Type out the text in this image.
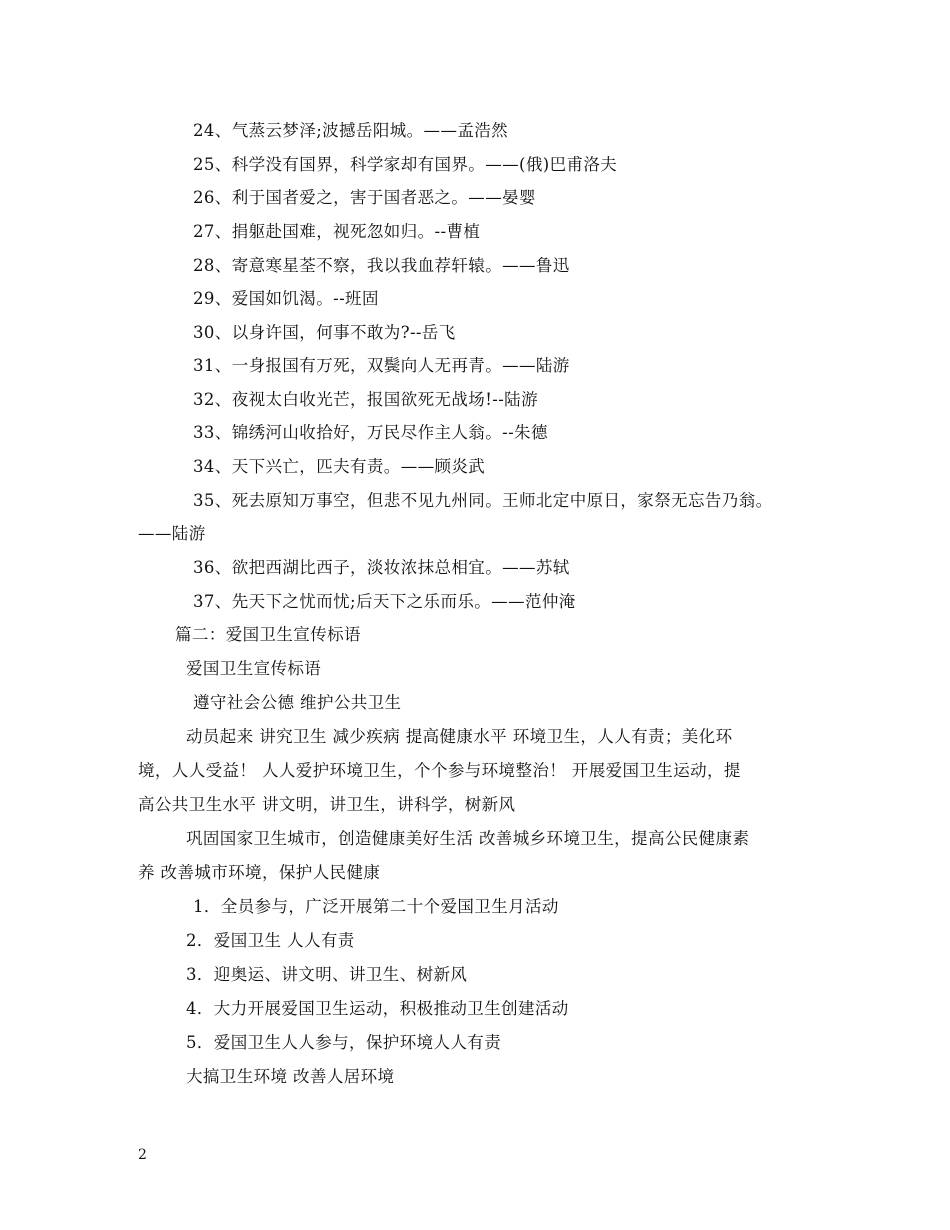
24、气蒸云梦泽;波撼岳阳城。——孟浩然
25、科学没有国界，科学家却有国界。——(俄)巴甫洛夫
26、利于国者爱之，害于国者恶之。——晏婴
27、捐躯赴国难，视死忽如归。--曹植
28、寄意寒星荃不察，我以我血荐轩辕。——鲁迅
29、爱国如饥渴。--班固
30、以身许国，何事不敢为?--岳飞
31、一身报国有万死，双鬓向人无再青。——陆游
32、夜视太白收光芒，报国欲死无战场!--陆游
33、锦绣河山收拾好，万民尽作主人翁。--朱德
34、天下兴亡，匹夫有责。——顾炎武
35、死去原知万事空，但悲不见九州同。王师北定中原日，家祭无忘告乃翁。
——陆游
36、欲把西湖比西子，淡妆浓抹总相宜。——苏轼
37、先天下之忧而忧;后天下之乐而乐。——范仲淹
篇二：爱国卫生宣传标语
爱国卫生宣传标语
遵守社会公德 维护公共卫生
动员起来 讲究卫生 减少疾病 提高健康水平 环境卫生，人人有责；美化环
境，人人受益！ 人人爱护环境卫生，个个参与环境整治！ 开展爱国卫生运动，提
高公共卫生水平 讲文明，讲卫生，讲科学，树新风
巩固国家卫生城市，创造健康美好生活 改善城乡环境卫生，提高公民健康素
养 改善城市环境，保护人民健康
1．全员参与，广泛开展第二十个爱国卫生月活动
2．爱国卫生 人人有责
3．迎奥运、讲文明、讲卫生、树新风
4．大力开展爱国卫生运动，积极推动卫生创建活动
5．爱国卫生人人参与，保护环境人人有责
大搞卫生环境 改善人居环境
2
